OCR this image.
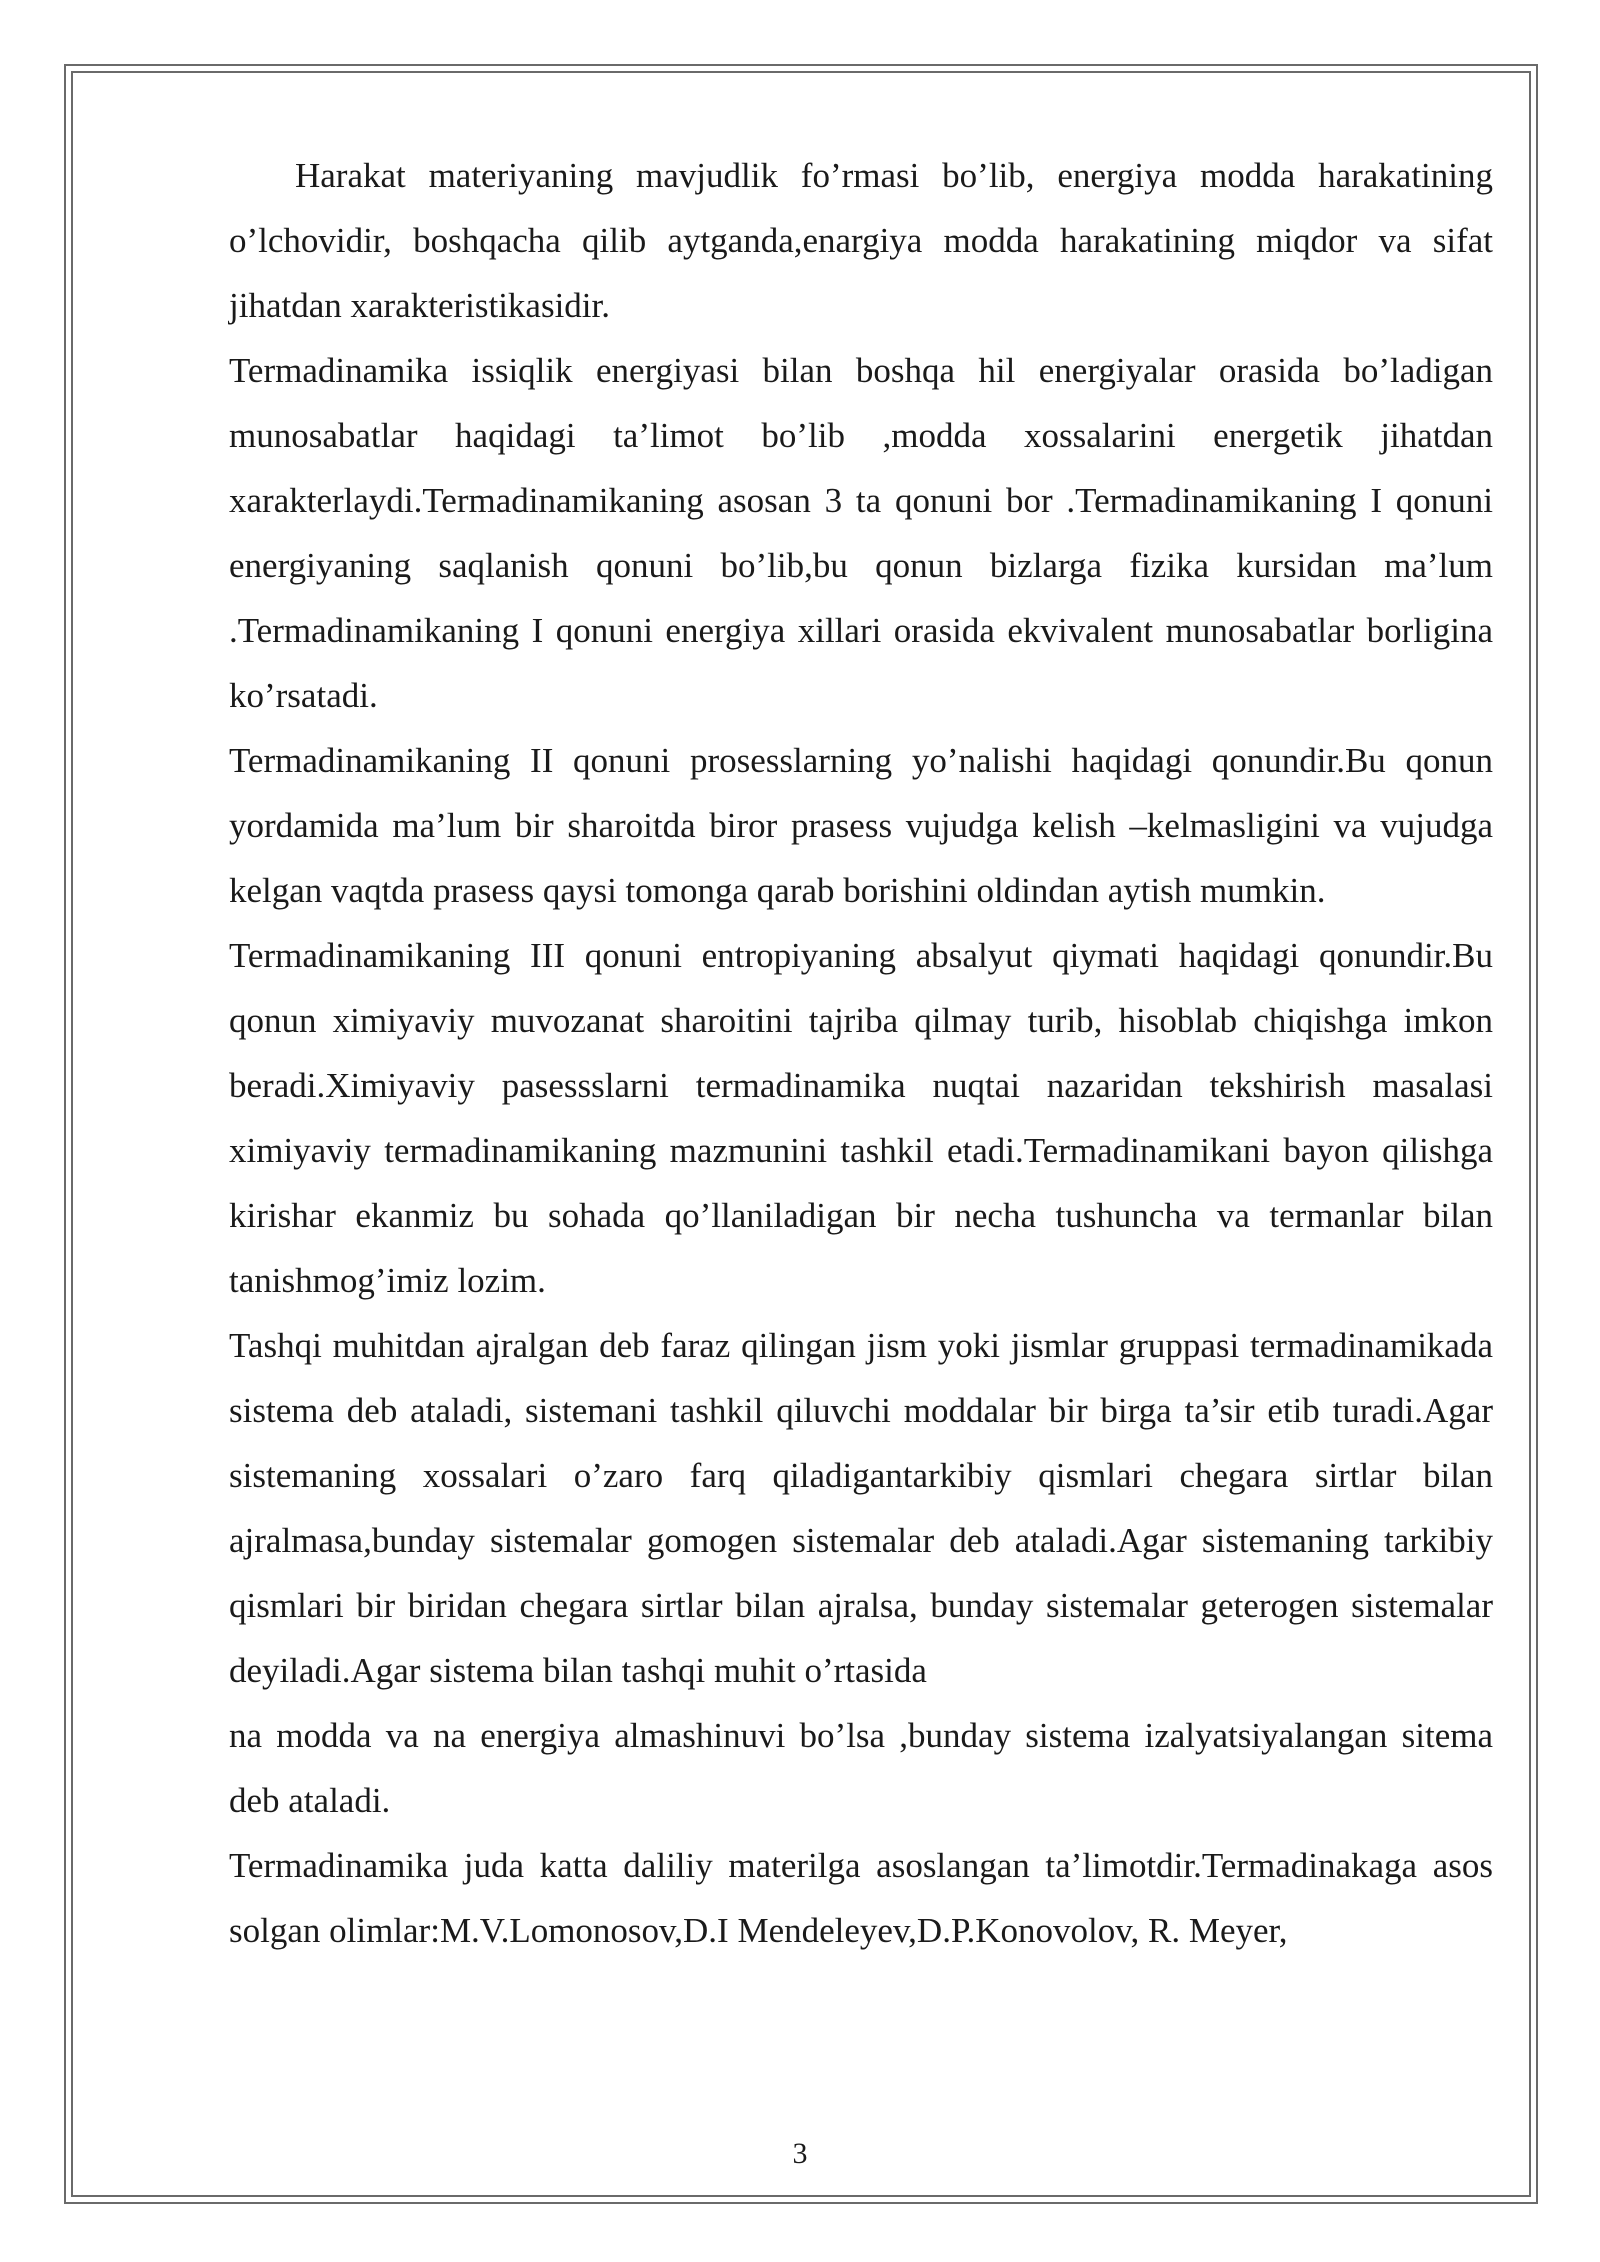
Harakat materiyaning mavjudlik fo’rmasi bo’lib, energiya modda harakatining o’lchovidir, boshqacha qilib aytganda,enargiya modda harakatining miqdor va sifat jihatdan xarakteristikasidir.

Termadinamika issiqlik energiyasi bilan boshqa hil energiyalar orasida bo’ladigan munosabatlar haqidagi ta’limot bo’lib ,modda xossalarini energetik jihatdan xarakterlaydi.Termadinamikaning asosan 3 ta qonuni bor .Termadinamikaning I qonuni energiyaning saqlanish qonuni bo’lib,bu qonun bizlarga fizika kursidan ma’lum .Termadinamikaning I qonuni energiya xillari orasida ekvivalent munosabatlar borligina ko’rsatadi.

Termadinamikaning II qonuni prosesslarning yo’nalishi haqidagi qonundir.Bu qonun yordamida ma’lum bir sharoitda biror prasess vujudga kelish –kelmasligini va vujudga kelgan vaqtda prasess qaysi tomonga qarab borishini oldindan aytish mumkin.

Termadinamikaning III qonuni entropiyaning absalyut qiymati haqidagi qonundir.Bu qonun ximiyaviy muvozanat sharoitini tajriba qilmay turib, hisoblab chiqishga imkon beradi.Ximiyaviy pasessslarni termadinamika nuqtai nazaridan tekshirish masalasi ximiyaviy termadinamikaning mazmunini tashkil etadi.Termadinamikani bayon qilishga kirishar ekanmiz bu sohada qo’llaniladigan bir necha tushuncha va termanlar bilan tanishmog’imiz lozim.

Tashqi muhitdan ajralgan deb faraz qilingan jism yoki jismlar gruppasi termadinamikada sistema deb ataladi, sistemani tashkil qiluvchi moddalar bir birga ta’sir etib turadi.Agar sistemaning xossalari o’zaro farq qiladigantarkibiy qismlari chegara sirtlar bilan ajralmasa,bunday sistemalar gomogen sistemalar deb ataladi.Agar sistemaning tarkibiy qismlari bir biridan chegara sirtlar bilan ajralsa, bunday sistemalar geterogen sistemalar deyiladi.Agar sistema bilan tashqi muhit o’rtasida

na modda va na energiya almashinuvi bo’lsa ,bunday sistema izalyatsiyalangan sitema deb ataladi.

Termadinamika juda katta daliliy materilga asoslangan ta’limotdir.Termadinakaga asos solgan olimlar:M.V.Lomonosov,D.I Mendeleyev,D.P.Konovolov, R. Meyer,

3
